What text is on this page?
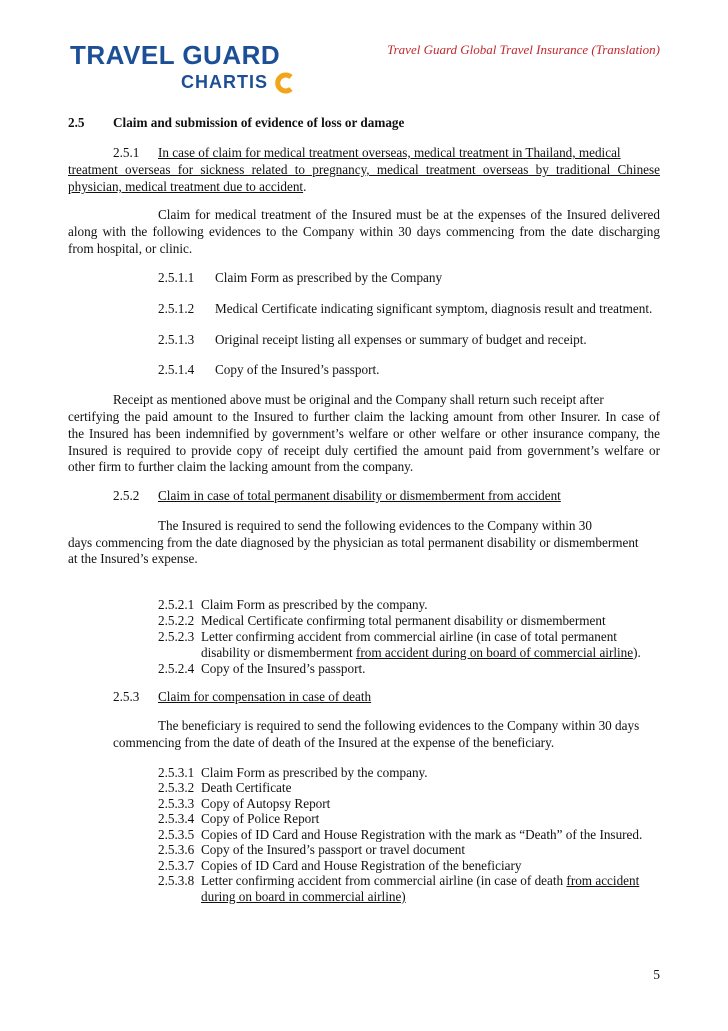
TRAVEL GUARD
CHARTIS
Travel Guard Global Travel Insurance (Translation)
2.5 Claim and submission of evidence of loss or damage
2.5.1 In case of claim for medical treatment overseas, medical treatment in Thailand, medical
treatment overseas for sickness related to pregnancy, medical treatment overseas by traditional Chinese
physician, medical treatment due to accident.
Claim for medical treatment of the Insured must be at the expenses of the Insured delivered
along with the following evidences to the Company within 30 days commencing from the date discharging
from hospital, or clinic.
2.5.1.1 Claim Form as prescribed by the Company
2.5.1.2 Medical Certificate indicating significant symptom, diagnosis result and treatment.
2.5.1.3 Original receipt listing all expenses or summary of budget and receipt.
2.5.1.4 Copy of the Insured’s passport.
Receipt as mentioned above must be original and the Company shall return such receipt after
certifying the paid amount to the Insured to further claim the lacking amount from other Insurer. In case of
the Insured has been indemnified by government’s welfare or other welfare or other insurance company, the
Insured is required to provide copy of receipt duly certified the amount paid from government’s welfare or
other firm to further claim the lacking amount from the company.
2.5.2 Claim in case of total permanent disability or dismemberment from accident
The Insured is required to send the following evidences to the Company within 30
days commencing from the date diagnosed by the physician as total permanent disability or dismemberment
at the Insured’s expense.
2.5.2.1 Claim Form as prescribed by the company.
2.5.2.2 Medical Certificate confirming total permanent disability or dismemberment
2.5.2.3 Letter confirming accident from commercial airline (in case of total permanent
disability or dismemberment from accident during on board of commercial airline).
2.5.2.4 Copy of the Insured’s passport.
2.5.3 Claim for compensation in case of death
The beneficiary is required to send the following evidences to the Company within 30 days
commencing from the date of death of the Insured at the expense of the beneficiary.
2.5.3.1 Claim Form as prescribed by the company.
2.5.3.2 Death Certificate
2.5.3.3 Copy of Autopsy Report
2.5.3.4 Copy of Police Report
2.5.3.5 Copies of ID Card and House Registration with the mark as “Death” of the Insured.
2.5.3.6 Copy of the Insured’s passport or travel document
2.5.3.7 Copies of ID Card and House Registration of the beneficiary
2.5.3.8 Letter confirming accident from commercial airline (in case of death from accident
during on board in commercial airline)
5
